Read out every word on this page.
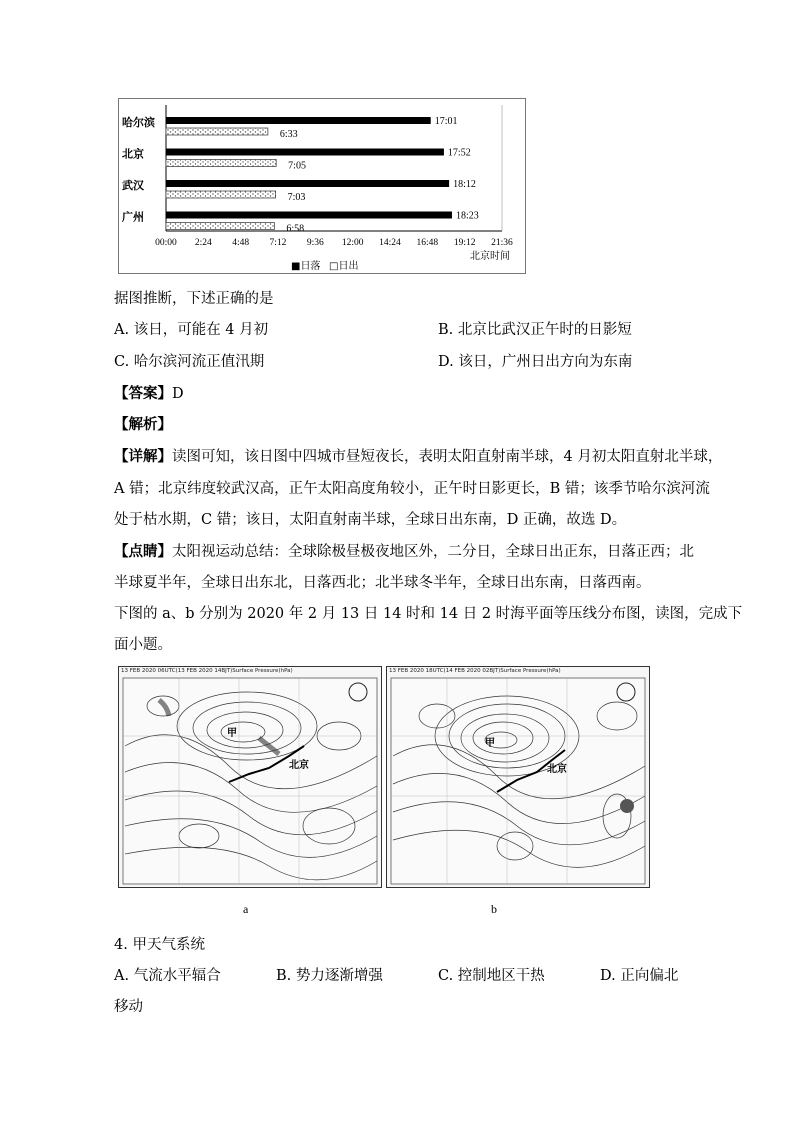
00:00 2:24 4:48 7:12 9:36 12:00 14:24 16:48 19:12 21:36
北京时间
■日落 □日出
哈尔滨	17:01
6:33
北京	17:52
7:05
武汉	18:12
7:03
广州	18:23
6:58
据图推断，下述正确的是
A. 该日，可能在 4 月初	B. 北京比武汉正午时的日影短
C. 哈尔滨河流正值汛期	D. 该日，广州日出方向为东南
【答案】D
【解析】
【详解】读图可知，该日图中四城市昼短夜长，表明太阳直射南半球，4 月初太阳直射北半球，
A 错；北京纬度较武汉高，正午太阳高度角较小，正午时日影更长，B 错；该季节哈尔滨河流
处于枯水期，C 错；该日，太阳直射南半球，全球日出东南，D 正确，故选 D。
【点睛】太阳视运动总结：全球除极昼极夜地区外，二分日，全球日出正东，日落正西；北
半球夏半年，全球日出东北，日落西北；北半球冬半年，全球日出东南，日落西南。
下图的 a、b 分别为 2020 年 2 月 13 日 14 时和 14 日 2 时海平面等压线分布图，读图，完成下
面小题。
13 FEB 2020 06UTC(13 FEB 2020 14BJT)Surface Pressure(hPa)
甲
北京
13 FEB 2020 18UTC(14 FEB 2020 02BJT)Surface Pressure(hPa)
甲
北京
a	b
4. 甲天气系统
A. 气流水平辐合	B. 势力逐渐增强	C. 控制地区干热	D. 正向偏北
移动
